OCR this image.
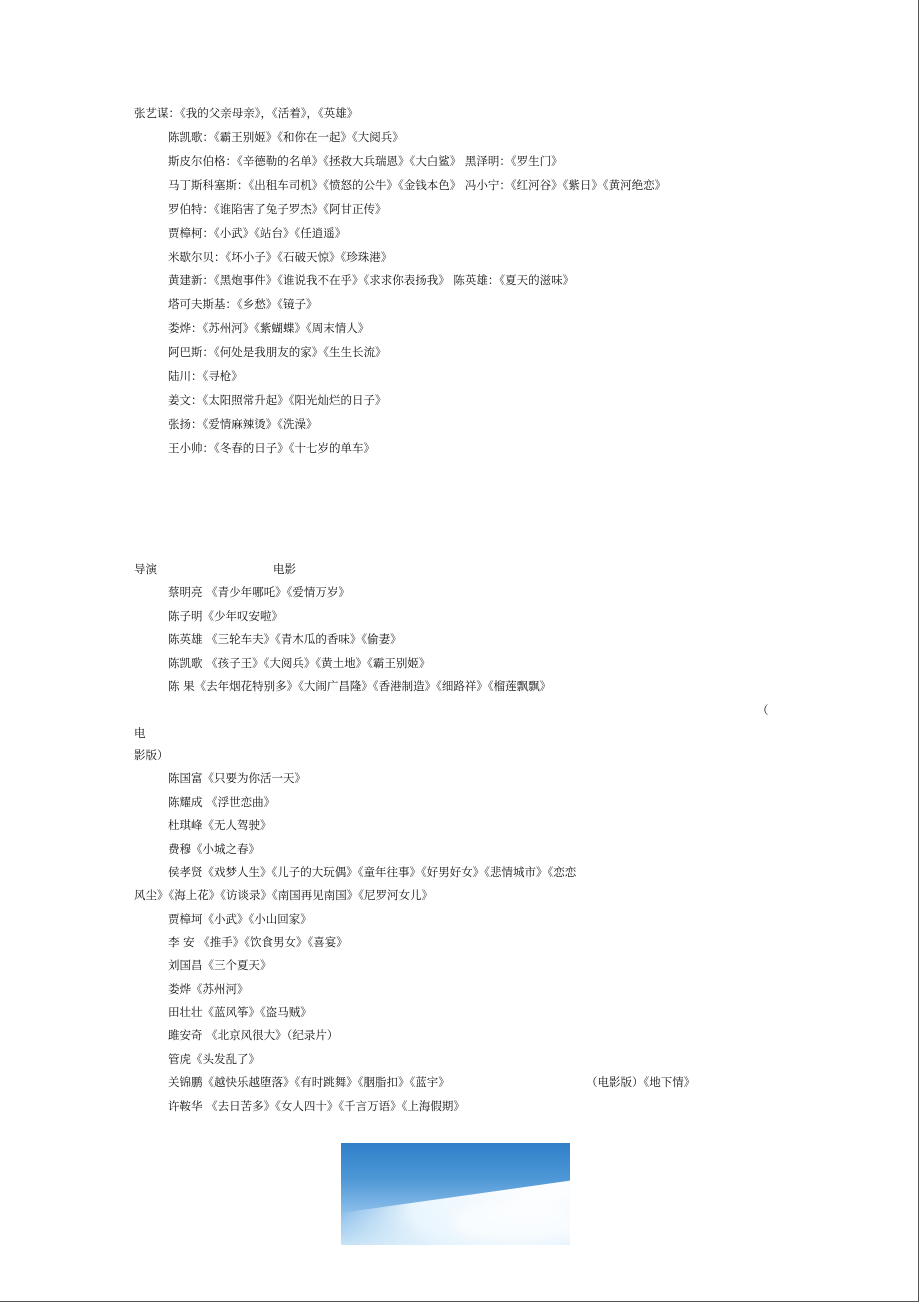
张艺谋：《我的父亲母亲》，《活着》，《英雄》
陈凯歌：《霸王别姬》《和你在一起》《大阅兵》
斯皮尔伯格：《辛德勒的名单》《拯救大兵瑞恩》《大白鲨》 黑泽明：《罗生门》
马丁斯科塞斯：《出租车司机》《愤怒的公牛》《金钱本色》 冯小宁：《红河谷》《紫日》《黄河绝恋》
罗伯特：《谁陷害了兔子罗杰》《阿甘正传》
贾樟柯：《小武》《站台》《任逍遥》
米歇尔贝：《坏小子》《石破天惊》《珍珠港》
黄建新：《黑炮事件》《谁说我不在乎》《求求你表扬我》 陈英雄：《夏天的滋味》
塔可夫斯基：《乡愁》《镜子》
娄烨：《苏州河》《紫蝴蝶》《周末情人》
阿巴斯：《何处是我朋友的家》《生生长流》
陆川：《寻枪》
姜文：《太阳照常升起》《阳光灿烂的日子》
张扬：《爱情麻辣烫》《洗澡》
王小帅：《冬春的日子》《十七岁的单车》
导演	电影
蔡明亮 《青少年哪吒》《爱情万岁》
陈子明《少年叹安啦》
陈英雄 《三轮车夫》《青木瓜的香味》《偷妻》
陈凯歌 《孩子王》《大阅兵》《黄土地》《霸王别姬》
陈 果《去年烟花特别多》《大闹广昌隆》《香港制造》《细路祥》《榴莲飘飘》
（
电
影版）
陈国富《只要为你活一天》
陈耀成 《浮世恋曲》
杜琪峰《无人驾驶》
费穆《小城之春》
侯孝贤《戏梦人生》《儿子的大玩偶》《童年往事》《好男好女》《悲情城市》《恋恋
风尘》《海上花》《访谈录》《南国再见南国》《尼罗河女儿》
贾樟坷《小武》《小山回家》
李 安 《推手》《饮食男女》《喜宴》
刘国昌《三个夏天》
娄烨《苏州河》
田壮壮《蓝风筝》《盗马贼》
雎安奇 《北京风很大》（纪录片）
管虎《头发乱了》
关锦鹏《越快乐越堕落》《有时跳舞》《胭脂扣》《蓝宇》	（电影版）《地下情》
许鞍华 《去日苦多》《女人四十》《千言万语》《上海假期》
